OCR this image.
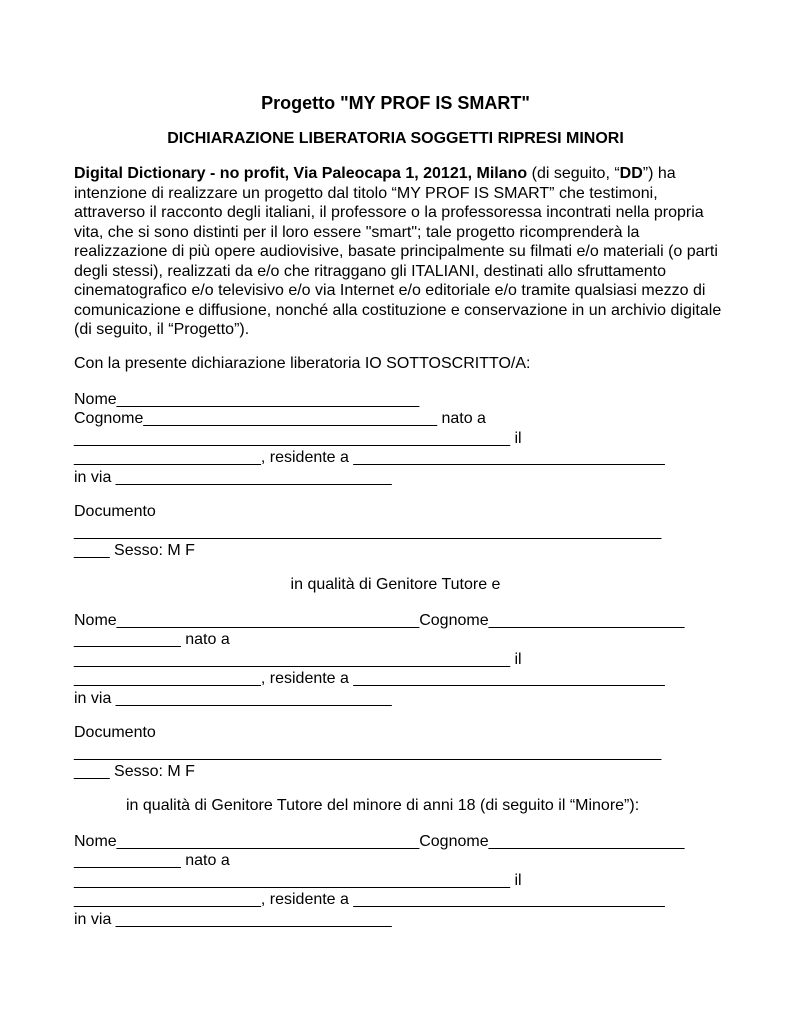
Progetto "MY PROF IS SMART"
DICHIARAZIONE LIBERATORIA SOGGETTI RIPRESI MINORI
Digital Dictionary - no profit, Via Paleocapa 1, 20121, Milano (di seguito, “DD”) ha intenzione di realizzare un progetto dal titolo “MY PROF IS SMART” che testimoni, attraverso il racconto degli italiani, il professore o la professoressa incontrati nella propria vita, che si sono distinti per il loro essere "smart"; tale progetto ricomprenderà la realizzazione di più opere audiovisive, basate principalmente su filmati e/o materiali (o parti degli stessi), realizzati da e/o che ritraggano gli ITALIANI, destinati allo sfruttamento cinematografico e/o televisivo e/o via Internet e/o editoriale e/o tramite qualsiasi mezzo di comunicazione e diffusione, nonché alla costituzione e conservazione in un archivio digitale (di seguito, il “Progetto”).
Con la presente dichiarazione liberatoria IO SOTTOSCRITTO/A:
Nome__________________________________
Cognome_________________________________ nato a
_________________________________________________ il
_____________________, residente a ___________________________________
in via _______________________________
Documento
__________________________________________________________________
____ Sesso: M F
in qualità di Genitore Tutore e
Nome__________________________________Cognome______________________
____________ nato a
_________________________________________________ il
_____________________, residente a ___________________________________
in via _______________________________
Documento
__________________________________________________________________
____ Sesso: M F
in qualità di Genitore Tutore del minore di anni 18 (di seguito il “Minore”):
Nome__________________________________Cognome______________________
____________ nato a
_________________________________________________ il
_____________________, residente a ___________________________________
in via _______________________________
